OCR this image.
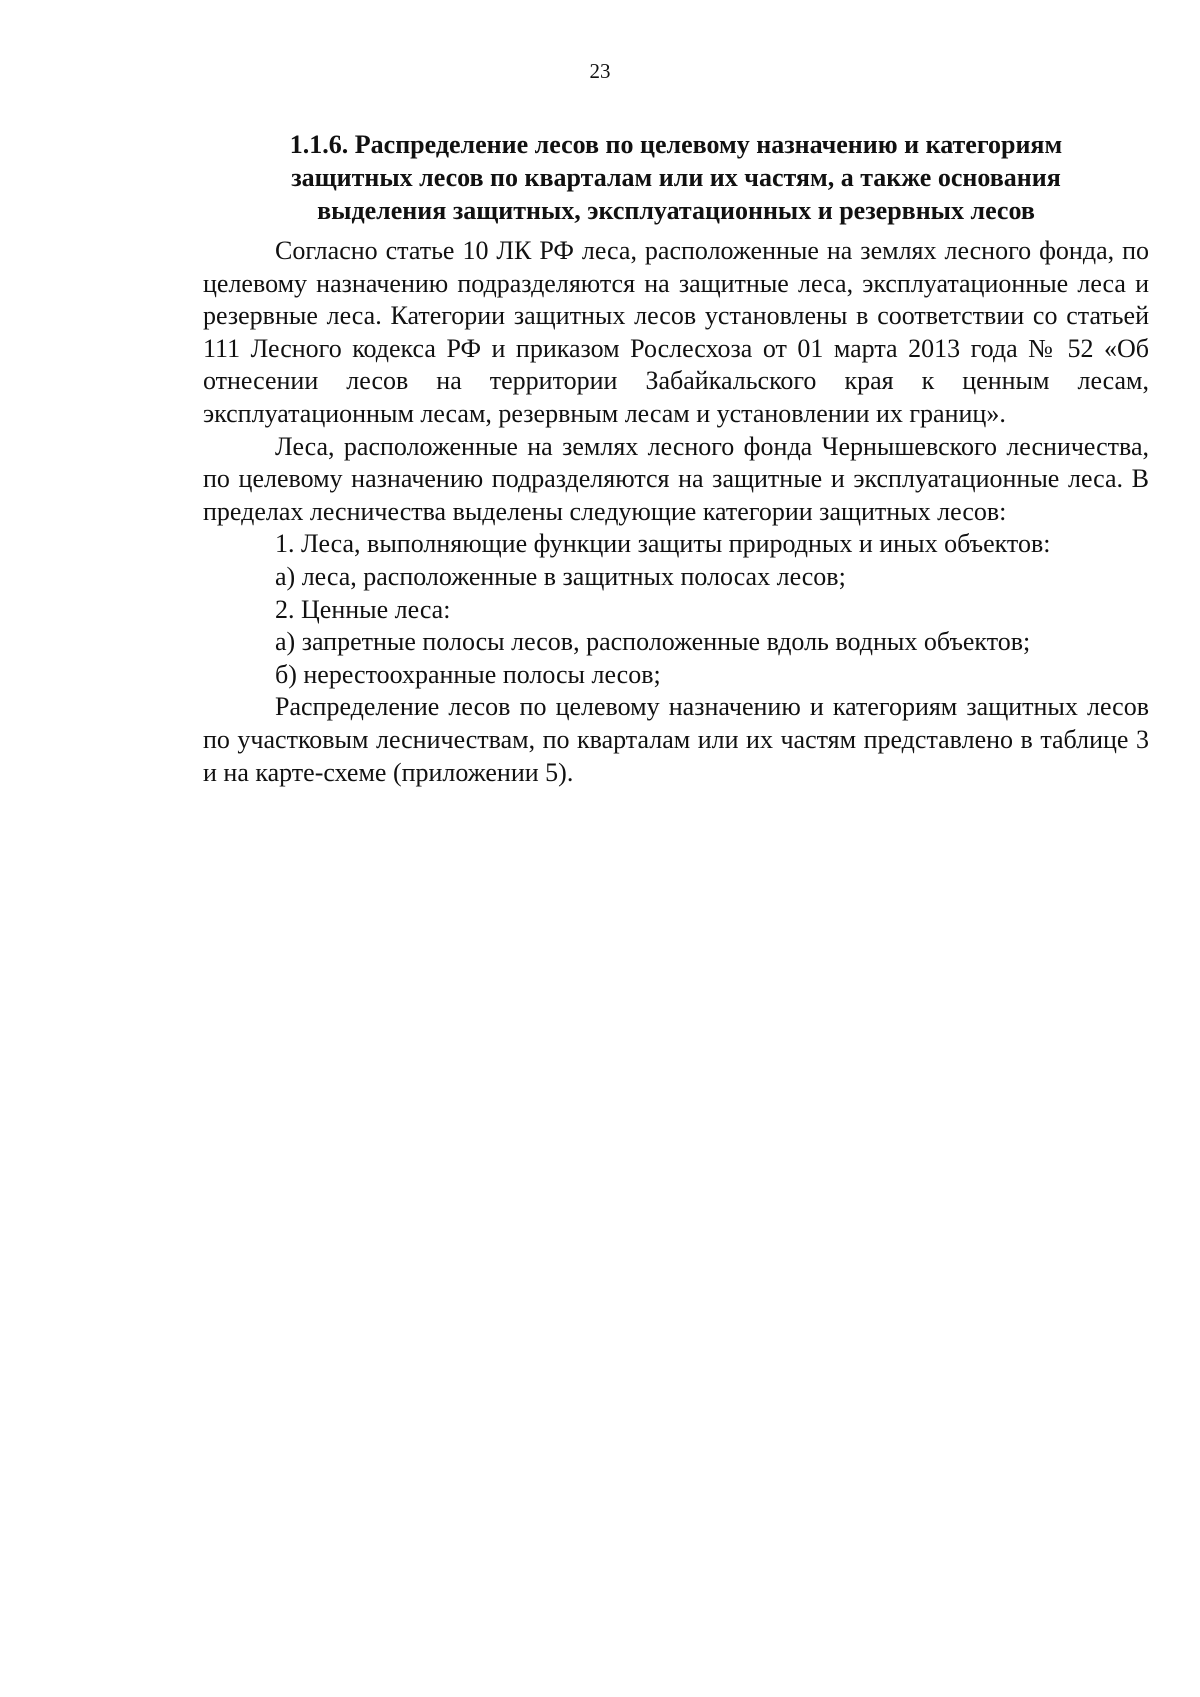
23
1.1.6. Распределение лесов по целевому назначению и категориям
защитных лесов по кварталам или их частям, а также основания
выделения защитных, эксплуатационных и резервных лесов

Согласно статье 10 ЛК РФ леса, расположенные на землях лесного фонда, по целевому назначению подразделяются на защитные леса, эксплуатационные леса и резервные леса. Категории защитных лесов установлены в соответствии со статьей 111 Лесного кодекса РФ и приказом Рослесхоза от 01 марта 2013 года № 52 «Об отнесении лесов на территории Забайкальского края к ценным лесам, эксплуатационным лесам, резервным лесам и установлении их границ».

Леса, расположенные на землях лесного фонда Чернышевского лесничества, по целевому назначению подразделяются на защитные и эксплуатационные леса. В пределах лесничества выделены следующие категории защитных лесов:

1. Леса, выполняющие функции защиты природных и иных объектов:

а) леса, расположенные в защитных полосах лесов;

2. Ценные леса:

а) запретные полосы лесов, расположенные вдоль водных объектов;

б) нерестоохранные полосы лесов;

Распределение лесов по целевому назначению и категориям защитных лесов по участковым лесничествам, по кварталам или их частям представлено в таблице 3 и на карте-схеме (приложении 5).
